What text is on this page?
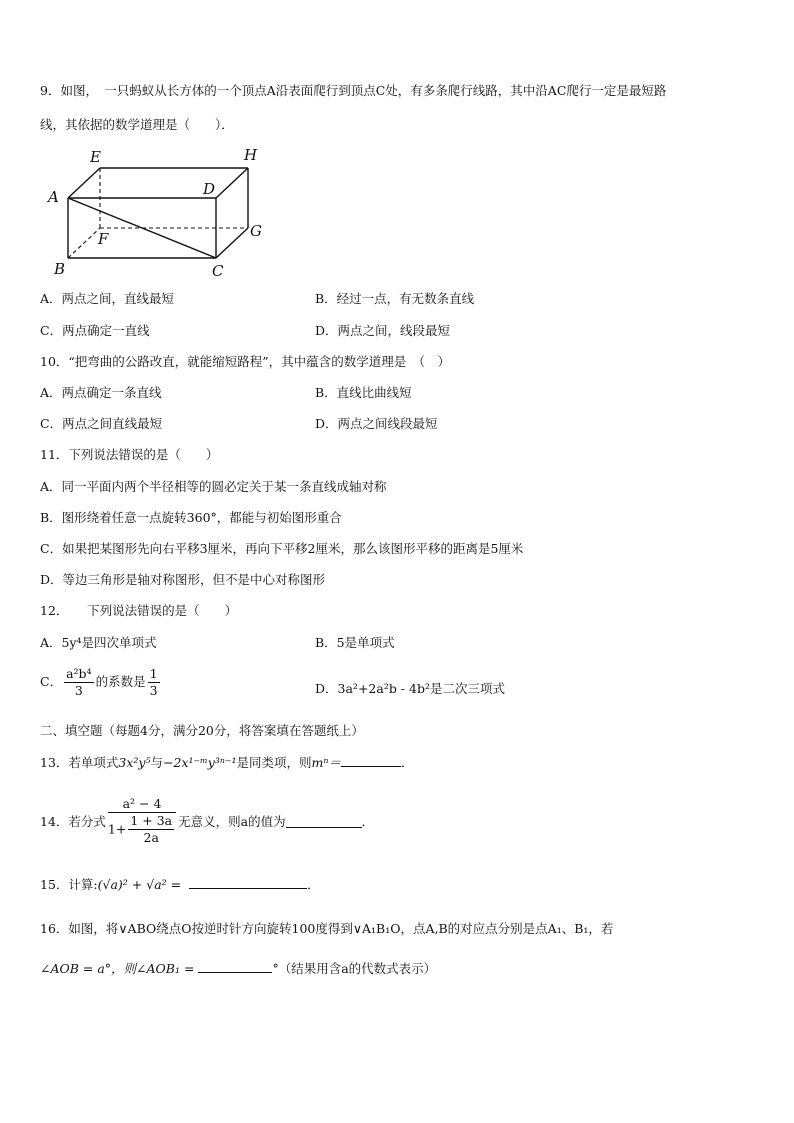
9．如图，　一只蚂蚁从长方体的一个顶点A沿表面爬行到顶点C处，有多条爬行线路，其中沿AC爬行一定是最短路
线，其依据的数学道理是（　　）．
E	H
A	D
G
F
B	C
A．两点之间，直线最短	B．经过一点，有无数条直线
C．两点确定一直线	D．两点之间，线段最短
10．“把弯曲的公路改直，就能缩短路程”，其中蕴含的数学道理是　（　）
A．两点确定一条直线	B．直线比曲线短
C．两点之间直线最短	D．两点之间线段最短
11．下列说法错误的是（　　）
A．同一平面内两个半径相等的圆必定关于某一条直线成轴对称
B．图形绕着任意一点旋转360°，都能与初始图形重合
C．如果把某图形先向右平移3厘米，再向下平移2厘米，那么该图形平移的距离是5厘米
D．等边三角形是轴对称图形，但不是中心对称图形
12．　　下列说法错误的是（　　）
A．5y⁴是四次单项式	B．5是单项式
C． $\frac{\text{a²b⁴}}{3}$ 的系数是 $\frac{1}{3}$	D．3a²+2a²b - 4b²是二次三项式
二、填空题（每题4分，满分20分，将答案填在答题纸上）
13．若单项式3x²y⁵与−2x¹⁻ᵐy³ⁿ⁻¹是同类项，则mⁿ＝	．
14．若分式 $\frac{\text{a² − 4}}{1+ \frac{1 + 3a}{2a}}$ 无意义，则a的值为	．
15．计算:(√a)² + √a² =	．
16．如图，将∨ABO绕点O按逆时针方向旋转100度得到∨A₁B₁O，点A,B的对应点分别是点A₁、B₁，若
∠AOB = a°，则∠AOB₁ =	°（结果用含a的代数式表示）
